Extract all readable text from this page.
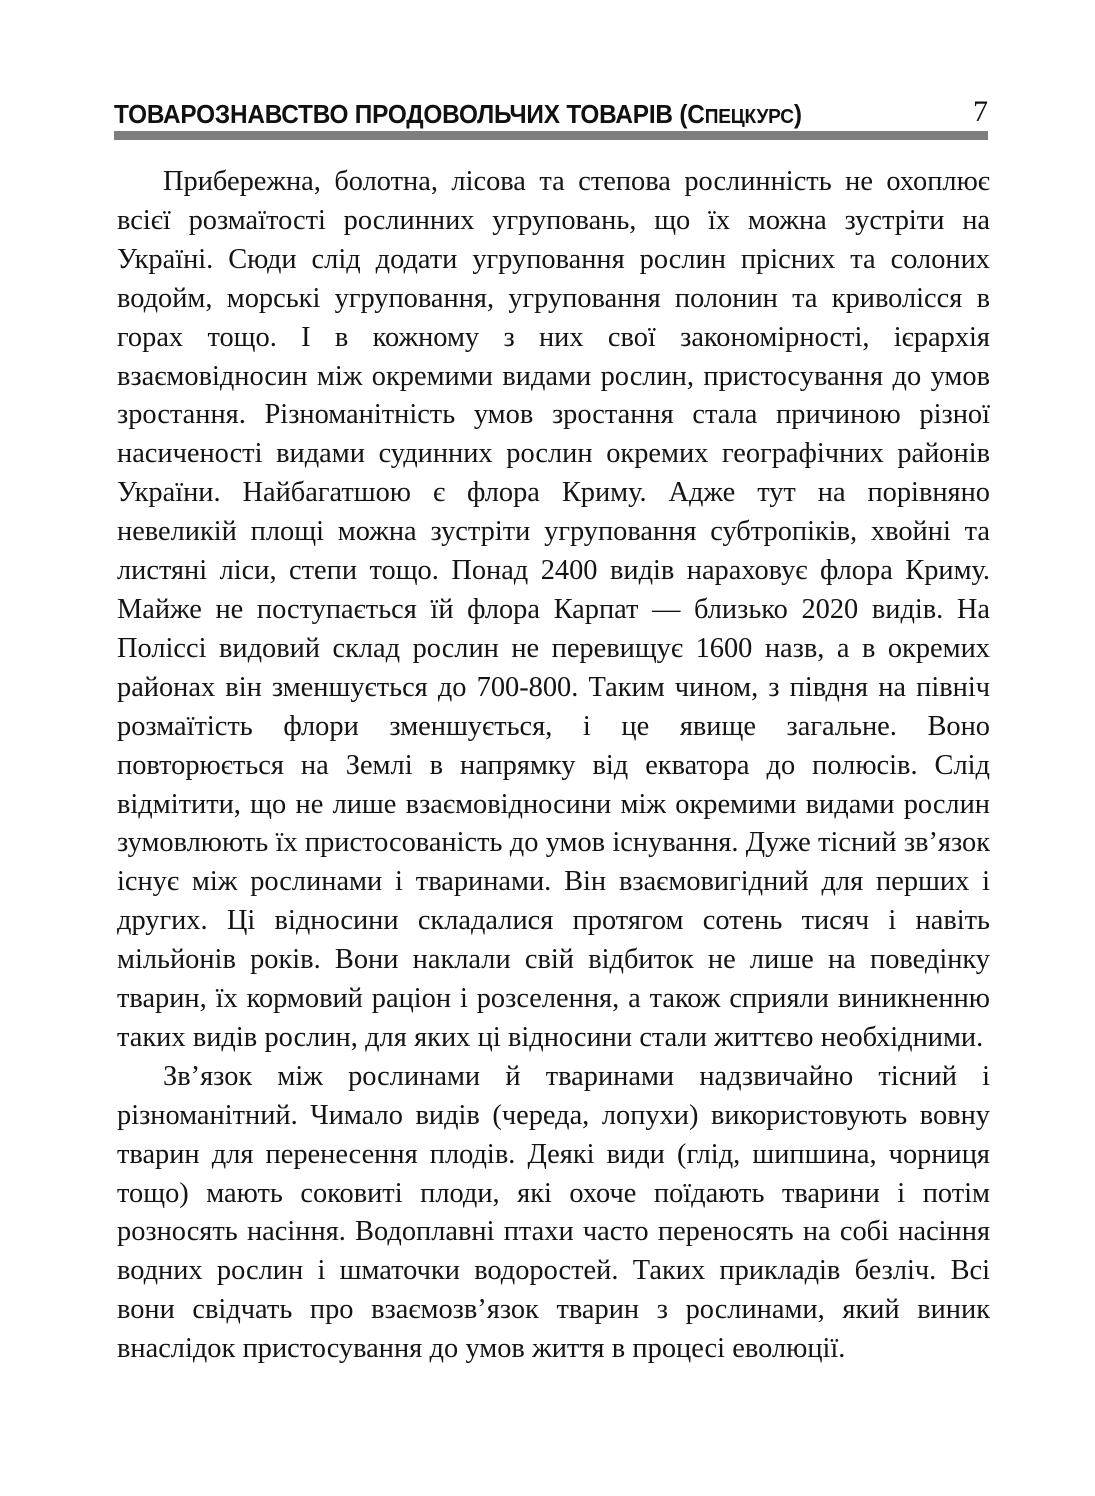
ТОВАРОЗНАВСТВО ПРОДОВОЛЬЧИХ ТОВАРІВ (СПЕЦКУРС)	7

Прибережна, болотна, лісова та степова рослинність не охоплює всієї розмаїтості рослинних угруповань, що їх можна зустріти на Україні. Сюди слід додати угруповання рослин прісних та солоних водойм, морські угруповання, угруповання полонин та криволісся в горах тощо. І в кожному з них свої закономірності, ієрархія взаємовідносин між окремими видами рослин, пристосування до умов зростання. Різноманітність умов зростання стала причиною різної насиченості видами судинних рослин окремих географічних районів України. Найбагатшою є флора Криму. Адже тут на порівняно невеликій площі можна зустріти угруповання субтропіків, хвойні та листяні ліси, степи тощо. Понад 2400 видів нараховує флора Криму. Майже не поступається їй флора Карпат — близько 2020 видів. На Поліссі видовий склад рослин не перевищує 1600 назв, а в окремих районах він зменшується до 700-800. Таким чином, з півдня на північ розмаїтість флори зменшується, і це явище загальне. Воно повторюється на Землі в напрямку від екватора до полюсів. Слід відмітити, що не лише взаємовідносини між окремими видами рослин зумовлюють їх пристосованість до умов існування. Дуже тісний зв’язок існує між рослинами і тваринами. Він взаємовигідний для перших і других. Ці відносини складалися протягом сотень тисяч і навіть мільйонів років. Вони наклали свій відбиток не лише на поведінку тварин, їх кормовий раціон і розселення, а також сприяли виникненню таких видів рослин, для яких ці відносини стали життєво необхідними.

Зв’язок між рослинами й тваринами надзвичайно тісний і різноманітний. Чимало видів (череда, лопухи) використовують вовну тварин для перенесення плодів. Деякі види (глід, шипшина, чорниця тощо) мають соковиті плоди, які охоче поїдають тварини і потім розносять насіння. Водоплавні птахи часто переносять на собі насіння водних рослин і шматочки водоростей. Таких прикладів безліч. Всі вони свідчать про взаємозв’язок тварин з рослинами, який виник внаслідок пристосування до умов життя в процесі еволюції.
